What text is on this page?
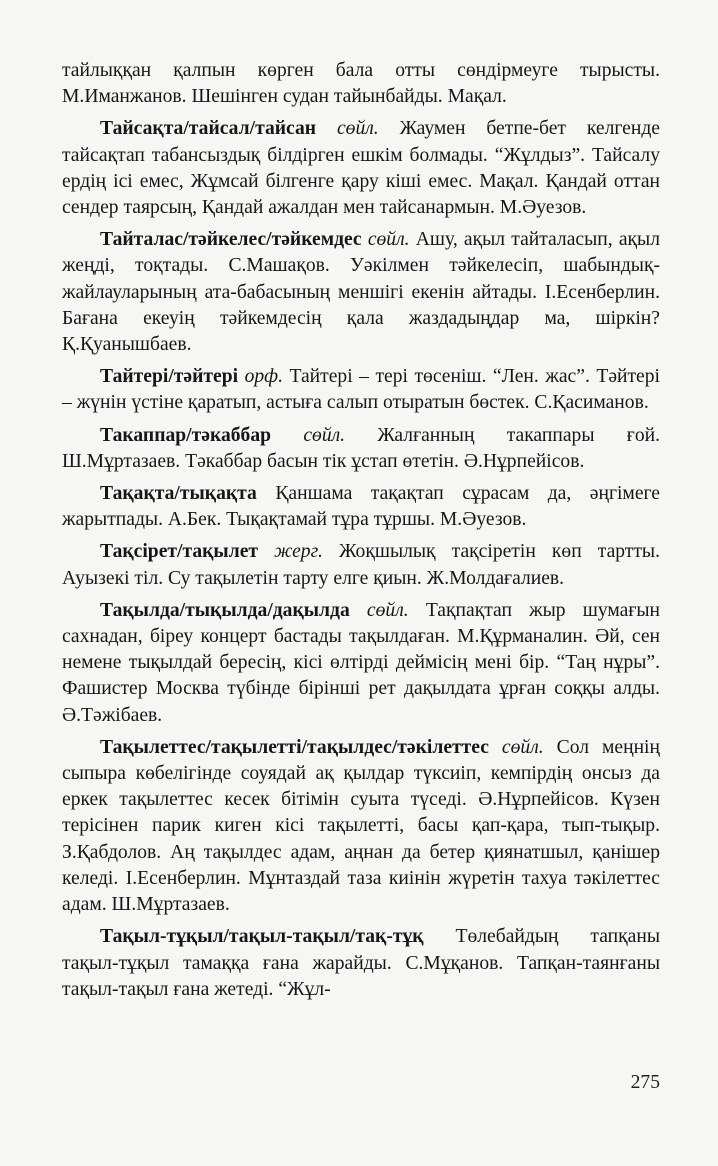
тайлыққан қалпын көрген бала отты сөндірмеуге тырысты. М.Иманжанов. Шешінген судан тайынбайды. Мақал.

Тайсақта/тайсал/тайсан сөйл. Жаумен бетпе-бет келгенде тайсақтап табансыздық білдірген ешкім болмады. “Жұлдыз”. Тайсалу ердің ісі емес, Жұмсай білгенге қару кіші емес. Мақал. Қандай оттан сендер таярсың, Қандай ажалдан мен тайсанармын. М.Әуезов.

Тайталас/тәйкелес/тәйкемдес сөйл. Ашу, ақыл тайталасып, ақыл жеңді, тоқтады. С.Машақов. Уәкілмен тәйкелесіп, шабындық-жайлауларының ата-бабасының меншігі екенін айтады. І.Есенберлин. Бағана екеуің тәйкемдесің қала жаздадыңдар ма, шіркін? Қ.Қуанышбаев.

Тайтері/тәйтері орф. Тайтері – тері төсеніш. “Лен. жас”. Тәйтері – жүнін үстіне қаратып, астыға салып отыратын бөстек. С.Қасиманов.

Такаппар/тәкаббар сөйл. Жалғанның такаппары ғой. Ш.Мұртазаев. Тәкаббар басын тік ұстап өтетін. Ә.Нұрпейісов.

Тақақта/тықақта Қаншама тақақтап сұрасам да, әңгімеге жарытпады. А.Бек. Тықақтамай тұра тұршы. М.Әуезов.

Тақсірет/тақылет жерг. Жоқшылық тақсіретін көп тартты. Ауызекі тіл. Су тақылетін тарту елге қиын. Ж.Молдағалиев.

Тақылда/тықылда/дақылда сөйл. Тақпақтап жыр шумағын сахнадан, біреу концерт бастады тақылдаған. М.Құрманалин. Әй, сен немене тықылдай бересің, кісі өлтірді деймісің мені бір. “Таң нұры”. Фашистер Москва түбінде бірінші рет дақылдата ұрған соққы алды. Ә.Тәжібаев.

Тақылеттес/тақылетті/тақылдес/тәкілеттес сөйл. Сол меңнің сыпыра көбелігінде соуядай ақ қылдар түксиіп, кемпірдің онсыз да еркек тақылеттес кесек бітімін суыта түседі. Ә.Нұрпейісов. Күзен терісінен парик киген кісі тақылетті, басы қап-қара, тып-тықыр. З.Қабдолов. Аң тақылдес адам, аңнан да бетер қиянатшыл, қанішер келеді. І.Есенберлин. Мұнтаздай таза киінін жүретін тахуа тәкілеттес адам. Ш.Мұртазаев.

Тақыл-тұқыл/тақыл-тақыл/тақ-тұқ Төлебайдың тапқаны тақыл-тұқыл тамаққа ғана жарайды. С.Мұқанов. Тапқан-таянғаны тақыл-тақыл ғана жетеді. “Жұл-

275
